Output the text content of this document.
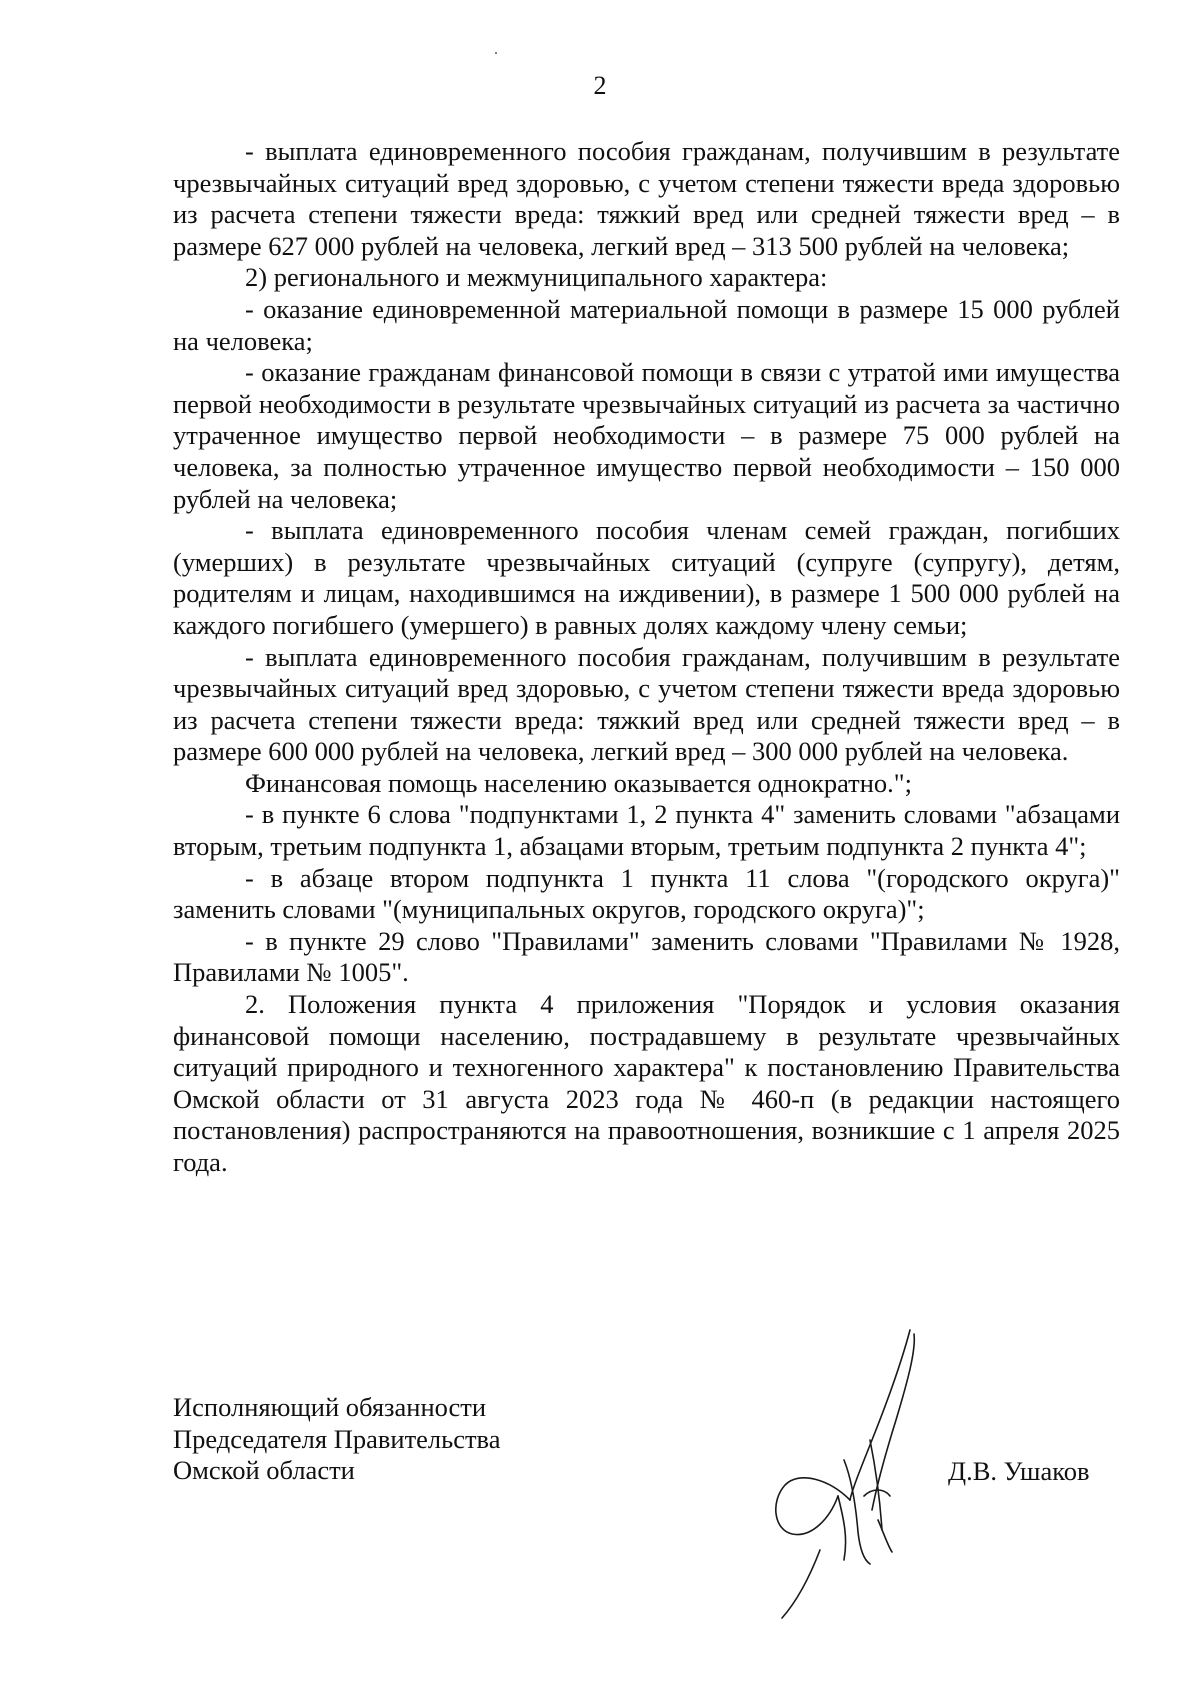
2

- выплата единовременного пособия гражданам, получившим в результате чрезвычайных ситуаций вред здоровью, с учетом степени тяжести вреда здоровью из расчета степени тяжести вреда: тяжкий вред или средней тяжести вред – в размере 627 000 рублей на человека, легкий вред – 313 500 рублей на человека;

2) регионального и межмуниципального характера:

- оказание единовременной материальной помощи в размере 15 000 рублей на человека;

- оказание гражданам финансовой помощи в связи с утратой ими имущества первой необходимости в результате чрезвычайных ситуаций из расчета за частично утраченное имущество первой необходимости – в размере 75 000 рублей на человека, за полностью утраченное имущество первой необходимости – 150 000 рублей на человека;

- выплата единовременного пособия членам семей граждан, погибших (умерших) в результате чрезвычайных ситуаций (супруге (супругу), детям, родителям и лицам, находившимся на иждивении), в размере 1 500 000 рублей на каждого погибшего (умершего) в равных долях каждому члену семьи;

- выплата единовременного пособия гражданам, получившим в результате чрезвычайных ситуаций вред здоровью, с учетом степени тяжести вреда здоровью из расчета степени тяжести вреда: тяжкий вред или средней тяжести вред – в размере 600 000 рублей на человека, легкий вред – 300 000 рублей на человека.

Финансовая помощь населению оказывается однократно.";

- в пункте 6 слова "подпунктами 1, 2 пункта 4" заменить словами "абзацами вторым, третьим подпункта 1, абзацами вторым, третьим подпункта 2 пункта 4";

- в абзаце втором подпункта 1 пункта 11 слова "(городского округа)" заменить словами "(муниципальных округов, городского округа)";

- в пункте 29 слово "Правилами" заменить словами "Правилами № 1928, Правилами № 1005".

2. Положения пункта 4 приложения "Порядок и условия оказания финансовой помощи населению, пострадавшему в результате чрезвычайных ситуаций природного и техногенного характера" к постановлению Правительства Омской области от 31 августа 2023 года № 460-п (в редакции настоящего постановления) распространяются на правоотношения, возникшие с 1 апреля 2025 года.

Исполняющий обязанности
Председателя Правительства
Омской области	Д.В. Ушаков
